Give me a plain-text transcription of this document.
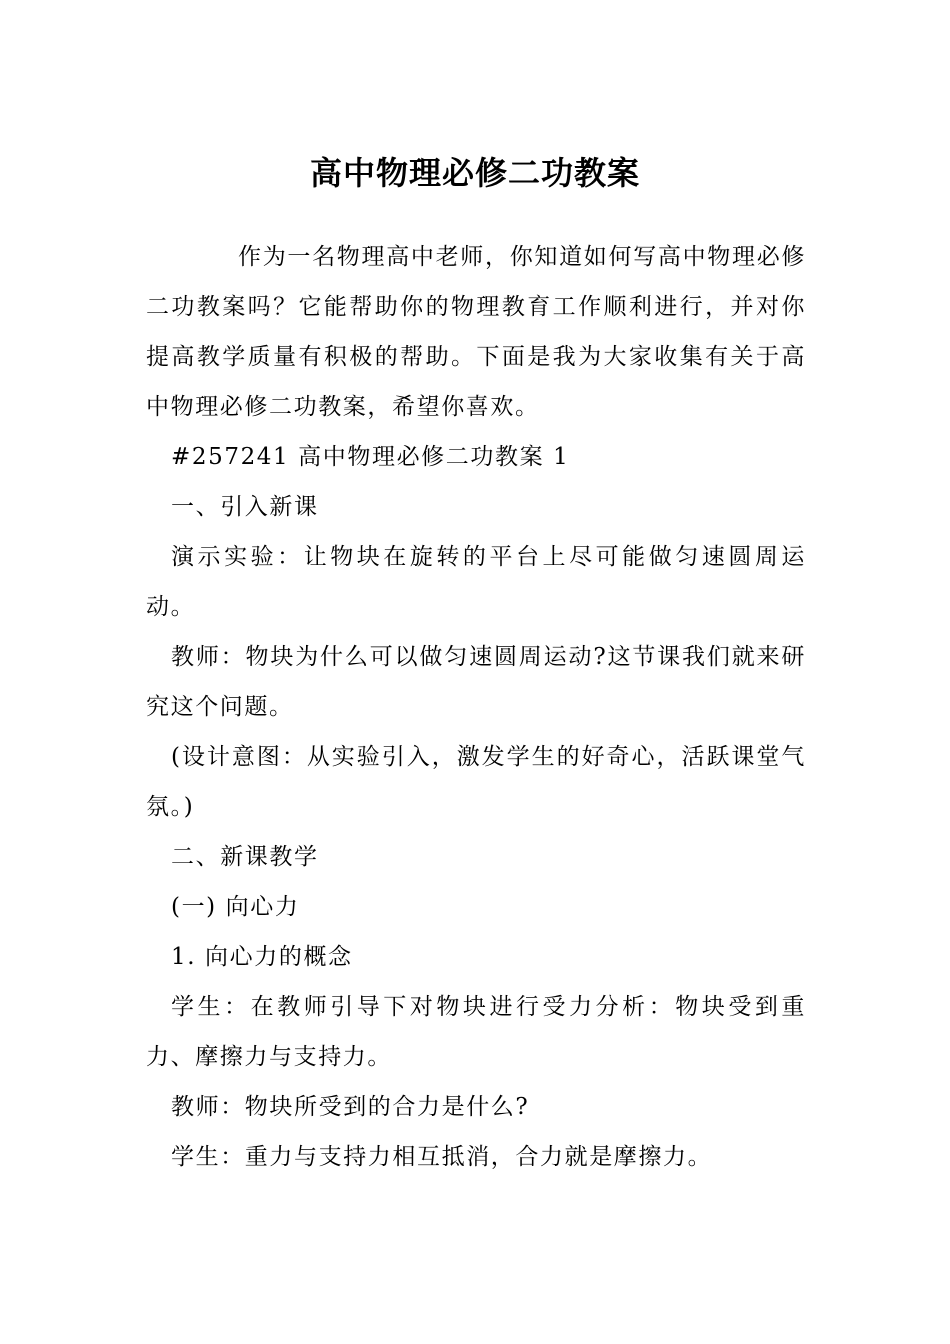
高中物理必修二功教案

作为一名物理高中老师，你知道如何写高中物理必修二功教案吗？它能帮助你的物理教育工作顺利进行，并对你提高教学质量有积极的帮助。下面是我为大家收集有关于高中物理必修二功教案，希望你喜欢。

#257241 高中物理必修二功教案 1

一、引入新课

演示实验：让物块在旋转的平台上尽可能做匀速圆周运动。

教师：物块为什么可以做匀速圆周运动?这节课我们就来研究这个问题。

(设计意图：从实验引入，激发学生的好奇心，活跃课堂气氛。)

二、新课教学

(一) 向心力

1. 向心力的概念

学生：在教师引导下对物块进行受力分析：物块受到重力、摩擦力与支持力。

教师：物块所受到的合力是什么?

学生：重力与支持力相互抵消，合力就是摩擦力。
